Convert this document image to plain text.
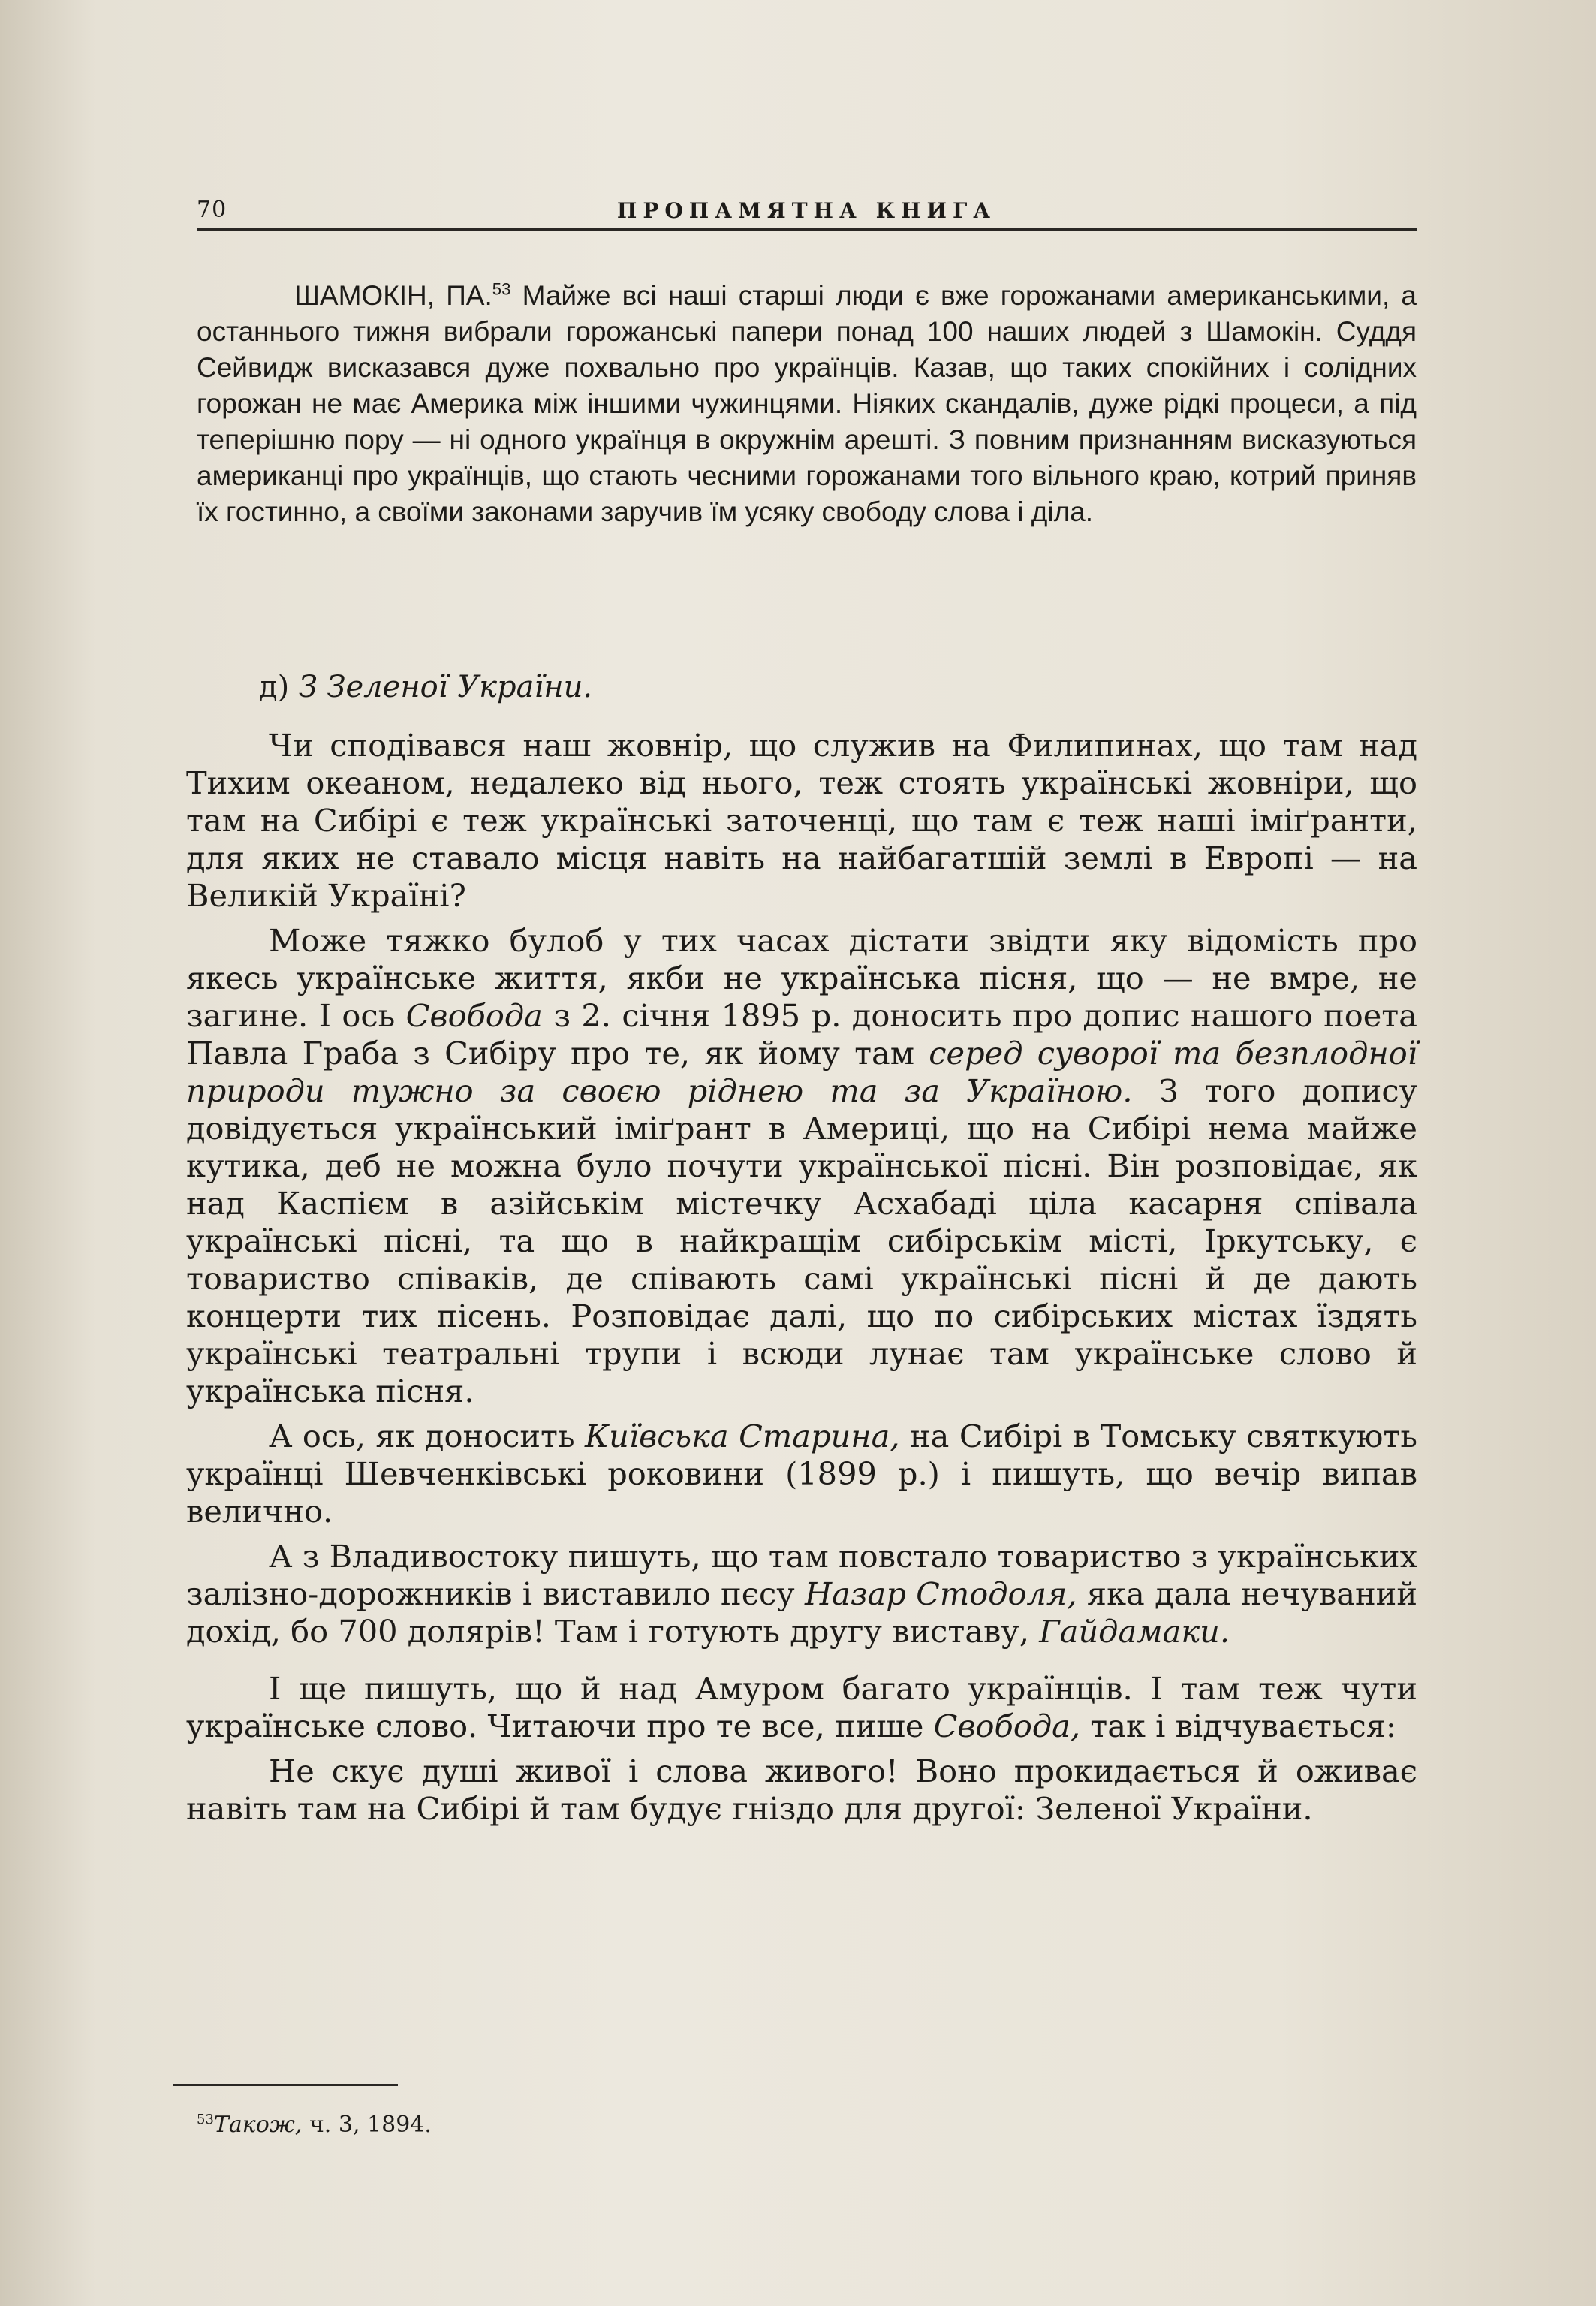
70	ПРОПАМЯТНА КНИГА

ШАМОКІН, ПА.$^{53}$ Майже всі наші старші люди є вже горожанами американськими, а останнього тижня вибрали горожанські папери понад 100 наших людей з Шамокін. Суддя Сейвидж висказався дуже похвально про українців. Казав, що таких спокійних і солідних горожан не має Америка між іншими чужинцями. Ніяких скандалів, дуже рідкі процеси, а під теперішню пору — ні одного українця в окружнім арешті. З повним признанням висказуються американці про українців, що стають чесними горожанами того вільного краю, котрий приняв їх гостинно, а своїми законами заручив їм усяку свободу слова і діла.

д) З Зеленої України.

Чи сподівався наш жовнір, що служив на Филипинах, що там над Тихим океаном, недалеко від нього, теж стоять українські жовніри, що там на Сибірі є теж українські заточенці, що там є теж наші іміґранти, для яких не ставало місця навіть на найбагатшій землі в Европі — на Великій Україні?

Може тяжко булоб у тих часах дістати звідти яку відомість про якесь українське життя, якби не українська пісня, що — не вмре, не загине. І ось Свобода з 2. січня 1895 р. доносить про допис нашого поета Павла Граба з Сибіру про те, як йому там серед суворої та безплодної природи тужно за своєю ріднею та за Україною. З того допису довідується український іміґрант в Америці, що на Сибірі нема майже кутика, деб не можна було почути української пісні. Він розповідає, як над Каспієм в азійськім містечку Асхабаді ціла касарня співала українські пісні, та що в найкращім сибірськім місті, Іркутську, є товариство співаків, де співають самі українські пісні й де дають концерти тих пісень. Розповідає далі, що по сибірських містах їздять українські театральні трупи і всюди лунає там українське слово й українська пісня.

А ось, як доносить Київська Старина, на Сибірі в Томську святкують українці Шевченківські роковини (1899 р.) і пишуть, що вечір випав велично.

А з Владивостоку пишуть, що там повстало товариство з українських залізно-дорожників і виставило пєсу Назар Стодоля, яка дала нечуваний дохід, бо 700 долярів! Там і готують другу виставу, Гайдамаки.

І ще пишуть, що й над Амуром багато українців. І там теж чути українське слово. Читаючи про те все, пише Свобода, так і відчувається:

Не скує душі живої і слова живого! Воно прокидається й оживає навіть там на Сибірі й там будує гніздо для другої: Зеленої України.

$^{53}$Також, ч. 3, 1894.
